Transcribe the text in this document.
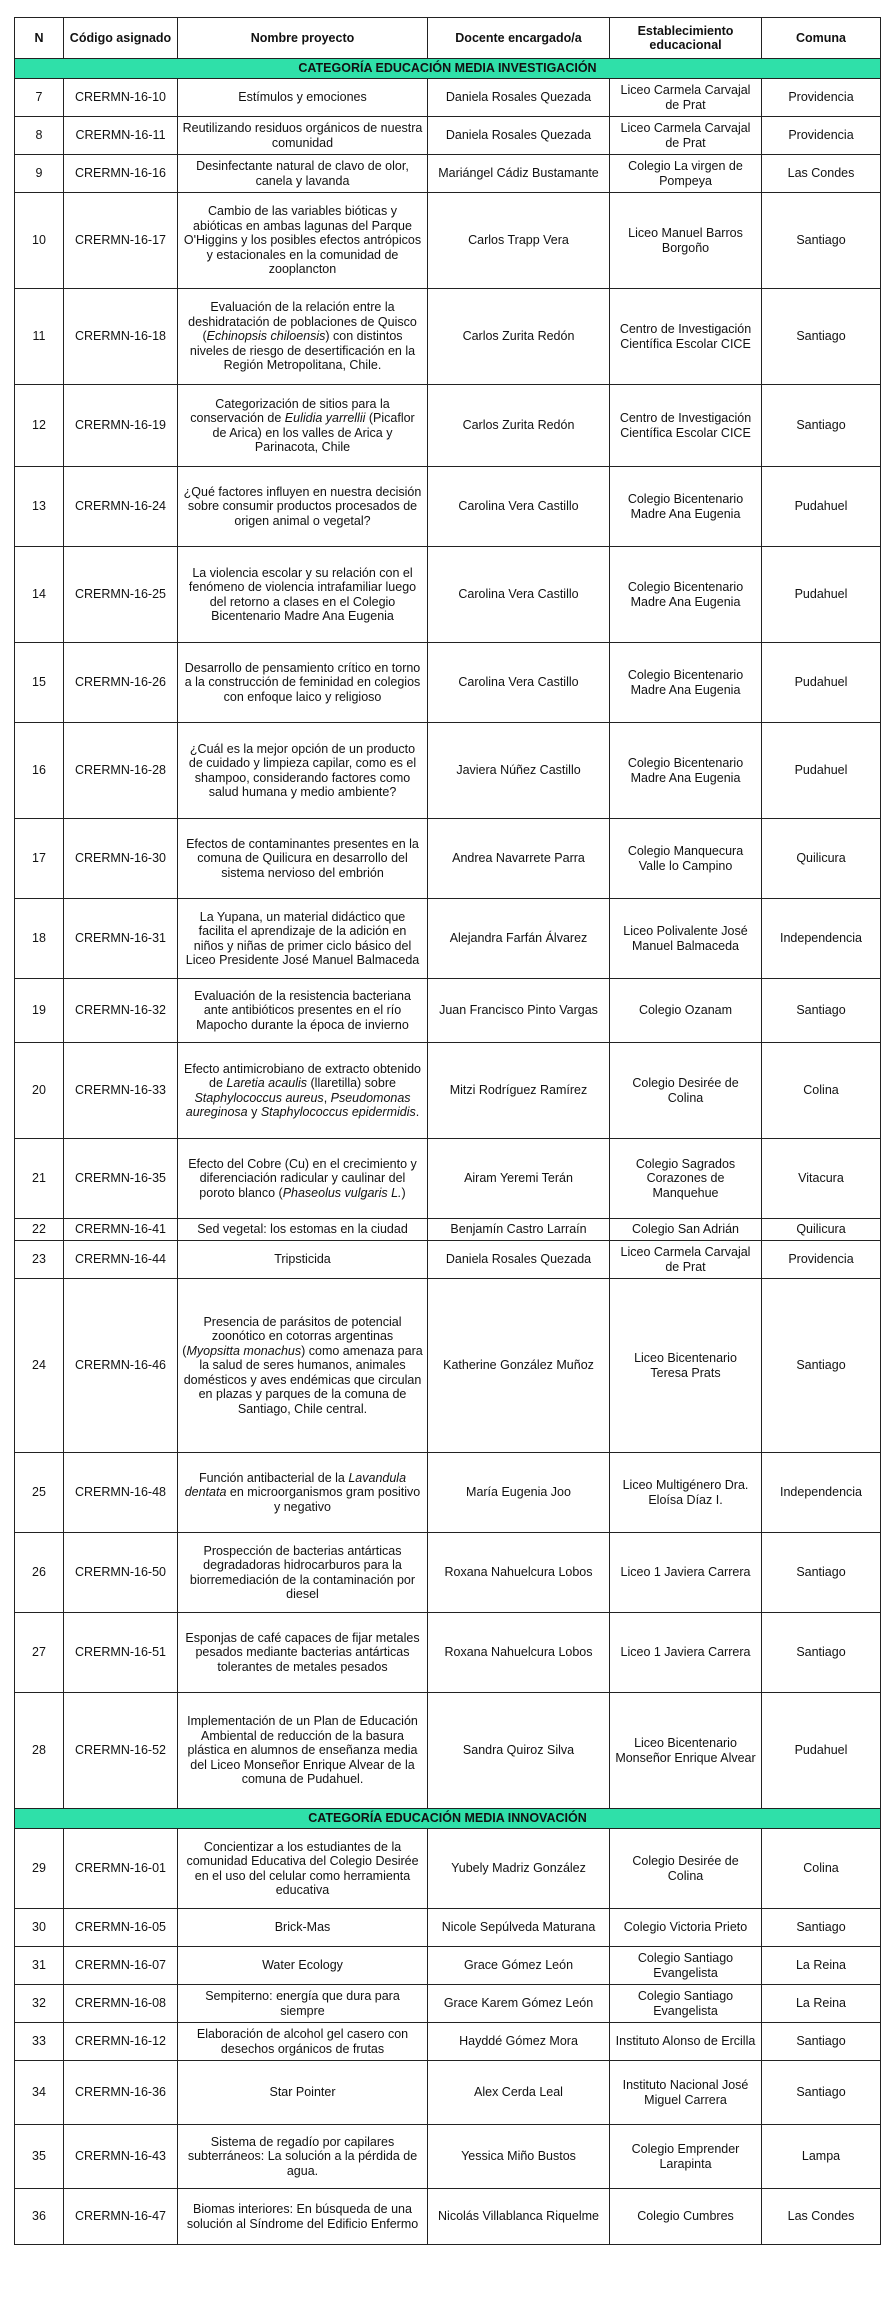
N	Código asignado	Nombre proyecto	Docente encargado/a	Establecimiento educacional	Comuna
CATEGORÍA EDUCACIÓN MEDIA INVESTIGACIÓN					
7	CRERMN-16-10	Estímulos y emociones	Daniela Rosales Quezada	Liceo Carmela Carvajal de Prat	Providencia
8	CRERMN-16-11	Reutilizando residuos orgánicos de nuestra comunidad	Daniela Rosales Quezada	Liceo Carmela Carvajal de Prat	Providencia
9	CRERMN-16-16	Desinfectante natural de clavo de olor, canela y lavanda	Mariángel Cádiz Bustamante	Colegio La virgen de Pompeya	Las Condes
10	CRERMN-16-17	Cambio de las variables bióticas y abióticas en ambas lagunas del Parque O'Higgins y los posibles efectos antrópicos y estacionales en la comunidad de zooplancton	Carlos Trapp Vera	Liceo Manuel Barros Borgoño	Santiago
11	CRERMN-16-18	Evaluación de la relación entre la deshidratación de poblaciones de Quisco (Echinopsis chiloensis) con distintos niveles de riesgo de desertificación en la Región Metropolitana, Chile.	Carlos Zurita Redón	Centro de Investigación Científica Escolar CICE	Santiago
12	CRERMN-16-19	Categorización de sitios para la conservación de Eulidia yarrellii (Picaflor de Arica) en los valles de Arica y Parinacota, Chile	Carlos Zurita Redón	Centro de Investigación Científica Escolar CICE	Santiago
13	CRERMN-16-24	¿Qué factores influyen en nuestra decisión sobre consumir productos procesados de origen animal o vegetal?	Carolina Vera Castillo	Colegio Bicentenario Madre Ana Eugenia	Pudahuel
14	CRERMN-16-25	La violencia escolar y su relación con el fenómeno de violencia intrafamiliar luego del retorno a clases en el Colegio Bicentenario Madre Ana Eugenia	Carolina Vera Castillo	Colegio Bicentenario Madre Ana Eugenia	Pudahuel
15	CRERMN-16-26	Desarrollo de pensamiento crítico en torno a la construcción de feminidad en colegios con enfoque laico y religioso	Carolina Vera Castillo	Colegio Bicentenario Madre Ana Eugenia	Pudahuel
16	CRERMN-16-28	¿Cuál es la mejor opción de un producto de cuidado y limpieza capilar, como es el shampoo, considerando factores como salud humana y medio ambiente?	Javiera Núñez Castillo	Colegio Bicentenario Madre Ana Eugenia	Pudahuel
17	CRERMN-16-30	Efectos de contaminantes presentes en la comuna de Quilicura en desarrollo del sistema nervioso del embrión	Andrea Navarrete Parra	Colegio Manquecura Valle lo Campino	Quilicura
18	CRERMN-16-31	La Yupana, un material didáctico que facilita el aprendizaje de la adición en niños y niñas de primer ciclo básico del Liceo Presidente José Manuel Balmaceda	Alejandra Farfán Álvarez	Liceo Polivalente José Manuel Balmaceda	Independencia
19	CRERMN-16-32	Evaluación de la resistencia bacteriana ante antibióticos presentes en el río Mapocho durante la época de invierno	Juan Francisco Pinto Vargas	Colegio Ozanam	Santiago
20	CRERMN-16-33	Efecto antimicrobiano de extracto obtenido de Laretia acaulis (llaretilla) sobre Staphylococcus aureus, Pseudomonas aureginosa y Staphylococcus epidermidis.	Mitzi Rodríguez Ramírez	Colegio Desirée de Colina	Colina
21	CRERMN-16-35	Efecto del Cobre (Cu) en el crecimiento y diferenciación radicular y caulinar del poroto blanco (Phaseolus vulgaris L.)	Airam Yeremi Terán	Colegio Sagrados Corazones de Manquehue	Vitacura
22	CRERMN-16-41	Sed vegetal: los estomas en la ciudad	Benjamín Castro Larraín	Colegio San Adrián	Quilicura
23	CRERMN-16-44	Tripsticida	Daniela Rosales Quezada	Liceo Carmela Carvajal de Prat	Providencia
24	CRERMN-16-46	Presencia de parásitos de potencial zoonótico en cotorras argentinas (Myopsitta monachus) como amenaza para la salud de seres humanos, animales domésticos y aves endémicas que circulan en plazas y parques de la comuna de Santiago, Chile central.	Katherine González Muñoz	Liceo Bicentenario Teresa Prats	Santiago
25	CRERMN-16-48	Función antibacterial de la Lavandula dentata en microorganismos gram positivo y negativo	María Eugenia Joo	Liceo Multigénero Dra. Eloísa Díaz I.	Independencia
26	CRERMN-16-50	Prospección de bacterias antárticas degradadoras hidrocarburos para la biorremediación de la contaminación por diesel	Roxana Nahuelcura Lobos	Liceo 1 Javiera Carrera	Santiago
27	CRERMN-16-51	Esponjas de café capaces de fijar metales pesados mediante bacterias antárticas tolerantes de metales pesados	Roxana Nahuelcura Lobos	Liceo 1 Javiera Carrera	Santiago
28	CRERMN-16-52	Implementación de un Plan de Educación Ambiental de reducción de la basura plástica en alumnos de enseñanza media del Liceo Monseñor Enrique Alvear de la comuna de Pudahuel.	Sandra Quiroz Silva	Liceo Bicentenario Monseñor Enrique Alvear	Pudahuel
CATEGORÍA EDUCACIÓN MEDIA INNOVACIÓN					
29	CRERMN-16-01	Concientizar a los estudiantes de la comunidad Educativa del Colegio Desirée en el uso del celular como herramienta educativa	Yubely Madriz González	Colegio Desirée de Colina	Colina
30	CRERMN-16-05	Brick-Mas	Nicole Sepúlveda Maturana	Colegio Victoria Prieto	Santiago
31	CRERMN-16-07	Water Ecology	Grace Gómez León	Colegio Santiago Evangelista	La Reina
32	CRERMN-16-08	Sempiterno: energía que dura para siempre	Grace Karem Gómez León	Colegio Santiago Evangelista	La Reina
33	CRERMN-16-12	Elaboración de alcohol gel casero con desechos orgánicos de frutas	Hayddé Gómez Mora	Instituto Alonso de Ercilla	Santiago
34	CRERMN-16-36	Star Pointer	Alex Cerda Leal	Instituto Nacional José Miguel Carrera	Santiago
35	CRERMN-16-43	Sistema de regadío por capilares subterráneos: La solución a la pérdida de agua.	Yessica Miño Bustos	Colegio Emprender Larapinta	Lampa
36	CRERMN-16-47	Biomas interiores: En búsqueda de una solución al Síndrome del Edificio Enfermo	Nicolás Villablanca Riquelme	Colegio Cumbres	Las Condes
